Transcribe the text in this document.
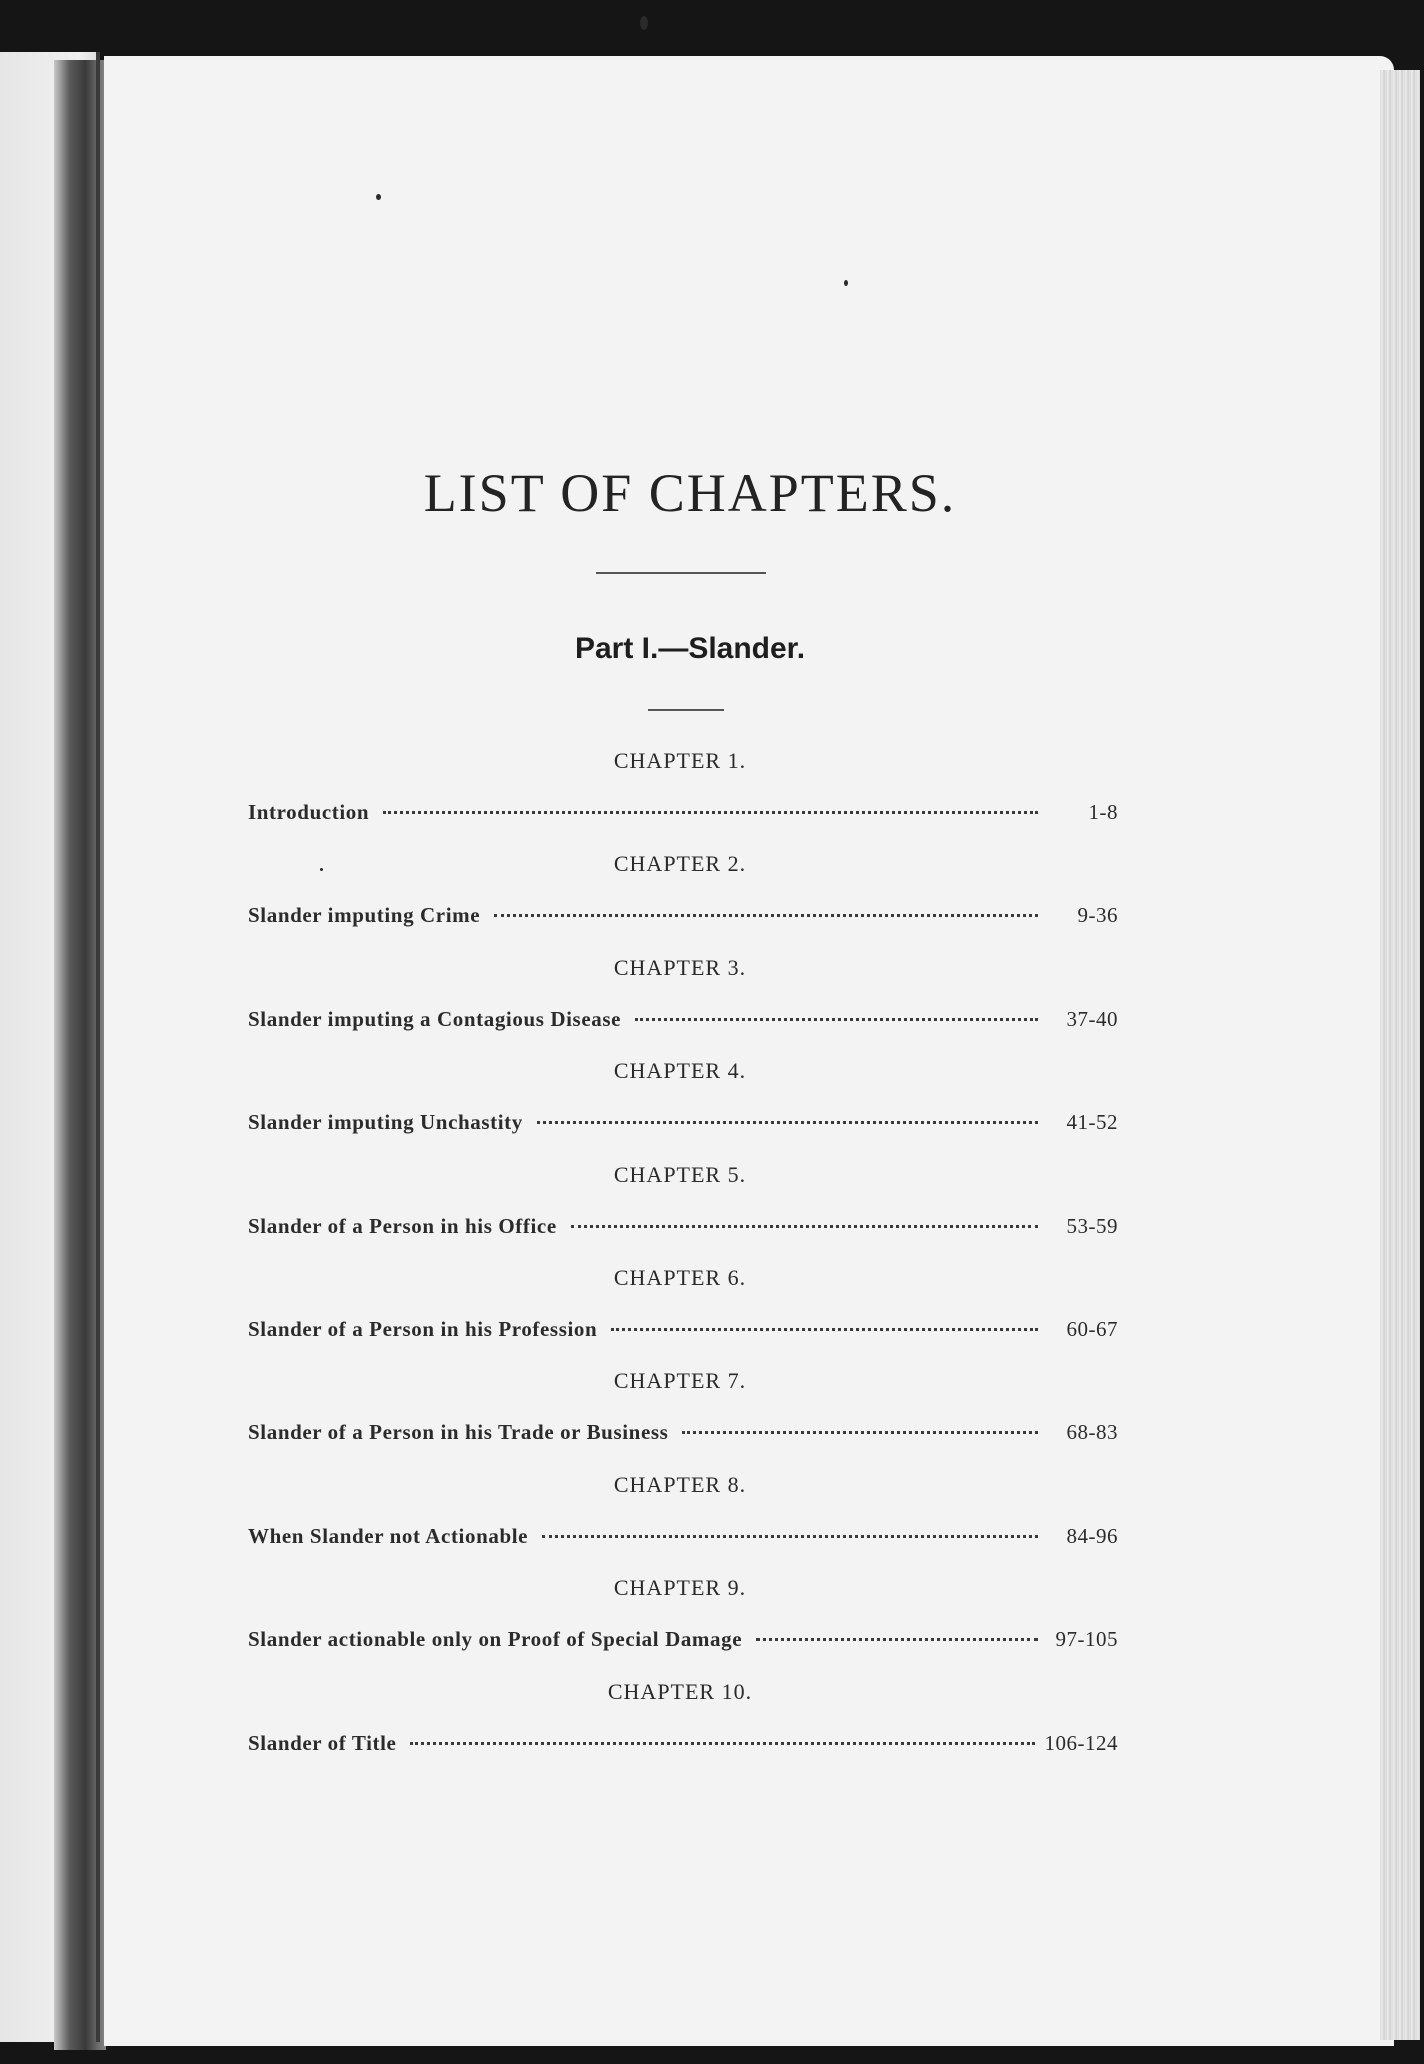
LIST OF CHAPTERS.
Part I.—Slander.
CHAPTER 1.
Introduction	1-8
CHAPTER 2.
Slander imputing Crime	9-36
CHAPTER 3.
Slander imputing a Contagious Disease	37-40
CHAPTER 4.
Slander imputing Unchastity	41-52
CHAPTER 5.
Slander of a Person in his Office	53-59
CHAPTER 6.
Slander of a Person in his Profession	60-67
CHAPTER 7.
Slander of a Person in his Trade or Business	68-83
CHAPTER 8.
When Slander not Actionable	84-96
CHAPTER 9.
Slander actionable only on Proof of Special Damage	97-105
CHAPTER 10.
Slander of Title	106-124
